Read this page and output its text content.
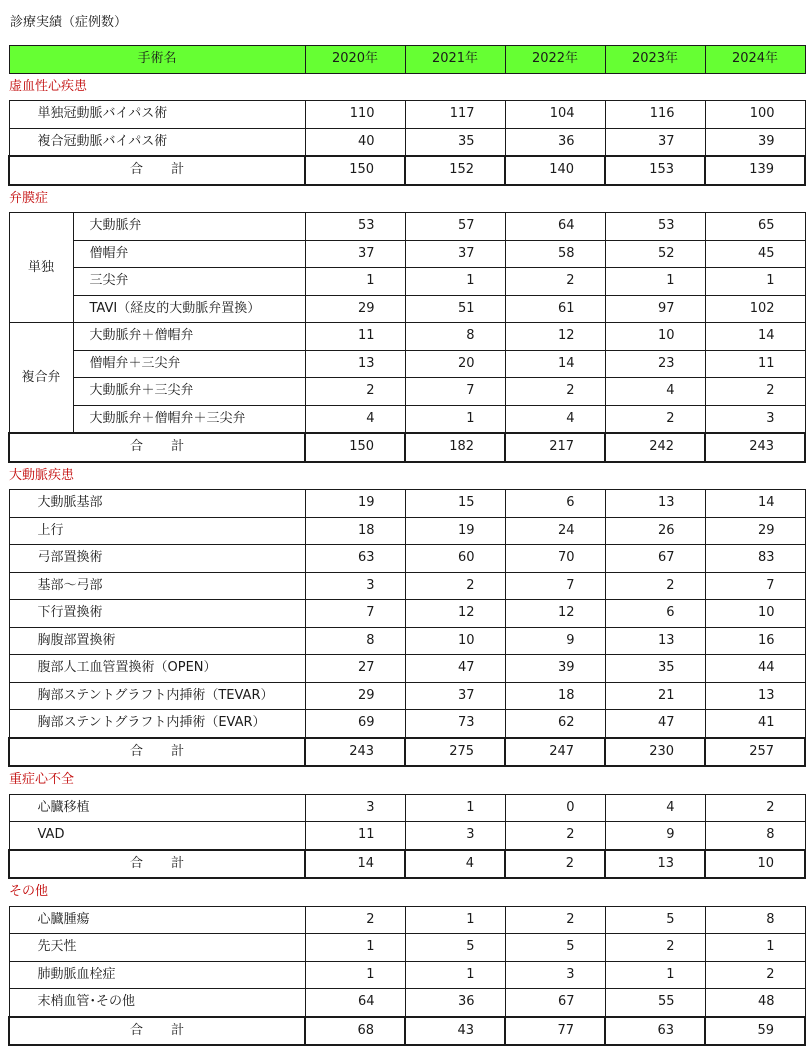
診療実績（症例数）
手術名		2020年	2021年	2022年	2023年	2024年
虚血性心疾患						
単独冠動脈バイパス術		110	117	104	116	100
複合冠動脈バイパス術		40	35	36	37	39
合 計		150	152	140	153	139
弁膜症						
単独	大動脈弁	53	57	64	53	65
	僧帽弁	37	37	58	52	45
	三尖弁	1	1	2	1	1
	TAVI（経皮的大動脈弁置換）	29	51	61	97	102
複合弁	大動脈弁＋僧帽弁	11	8	12	10	14
	僧帽弁＋三尖弁	13	20	14	23	11
	大動脈弁＋三尖弁	2	7	2	4	2
	大動脈弁＋僧帽弁＋三尖弁	4	1	4	2	3
合 計		150	182	217	242	243
大動脈疾患						
大動脈基部		19	15	6	13	14
上行		18	19	24	26	29
弓部置換術		63	60	70	67	83
基部～弓部		3	2	7	2	7
下行置換術		7	12	12	6	10
胸腹部置換術		8	10	9	13	16
腹部人工血管置換術（OPEN）		27	47	39	35	44
胸部ステントグラフト内挿術（TEVAR）		29	37	18	21	13
胸部ステントグラフト内挿術（EVAR）		69	73	62	47	41
合 計		243	275	247	230	257
重症心不全						
心臓移植		3	1	0	4	2
VAD		11	3	2	9	8
合 計		14	4	2	13	10
その他						
心臓腫瘍		2	1	2	5	8
先天性		1	5	5	2	1
肺動脈血栓症		1	1	3	1	2
末梢血管･その他		64	36	67	55	48
合 計		68	43	77	63	59
